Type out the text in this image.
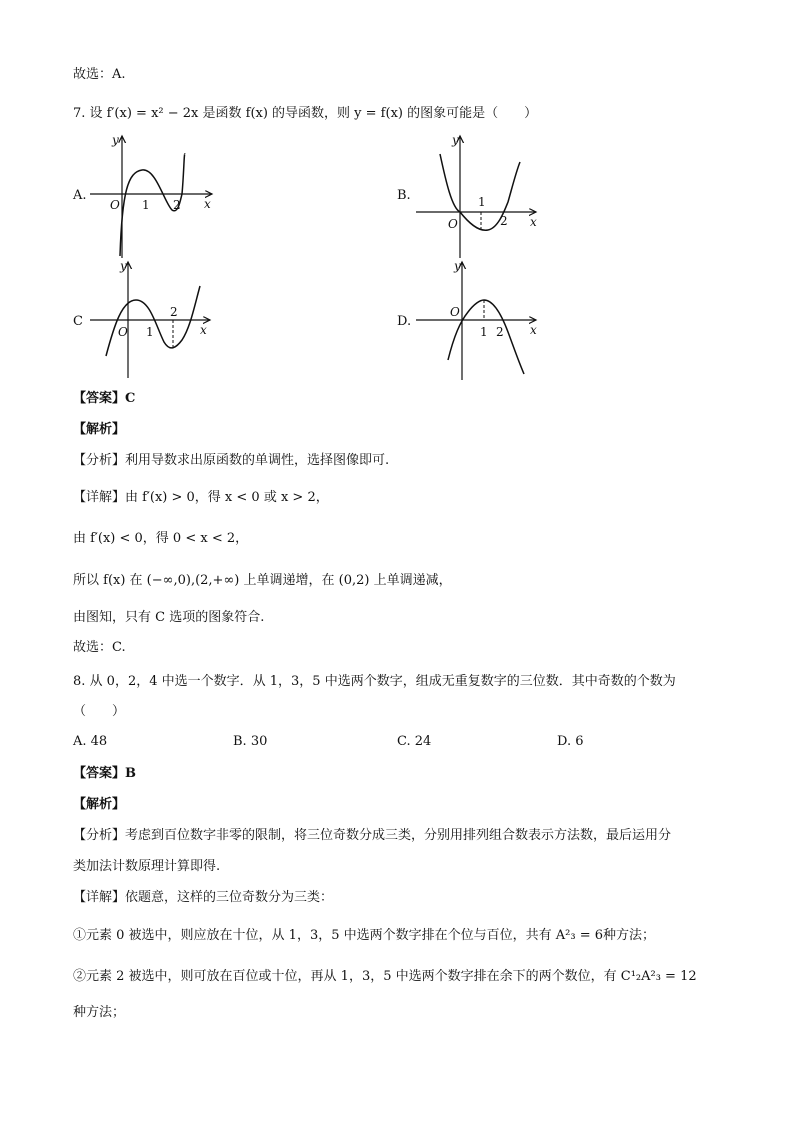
故选：A.
7. 设 f′(x) = x² − 2x 是函数 f(x) 的导函数，则 y = f(x) 的图象可能是（　　）
A.	B.
C	D.
y
x
O 1 2
y
x
O
1
2
y
x
O 1
2
y
x
O
1 2
【答案】C
【解析】
【分析】利用导数求出原函数的单调性，选择图像即可.
【详解】由 f′(x) > 0，得 x < 0 或 x > 2，
由 f′(x) < 0，得 0 < x < 2，
所以 f(x) 在 (−∞,0),(2,+∞) 上单调递增，在 (0,2) 上单调递减，
由图知，只有 C 选项的图象符合.
故选：C.
8. 从 0，2，4 中选一个数字．从 1，3，5 中选两个数字，组成无重复数字的三位数．其中奇数的个数为
（　　）
A. 48	B. 30	C. 24	D. 6
【答案】B
【解析】
【分析】考虑到百位数字非零的限制，将三位奇数分成三类，分别用排列组合数表示方法数，最后运用分
类加法计数原理计算即得.
【详解】依题意，这样的三位奇数分为三类：
①元素 0 被选中，则应放在十位，从 1，3，5 中选两个数字排在个位与百位，共有 A²₃ = 6种方法；
②元素 2 被选中，则可放在百位或十位，再从 1，3，5 中选两个数字排在余下的两个数位，有 C¹₂A²₃ = 12
种方法；
